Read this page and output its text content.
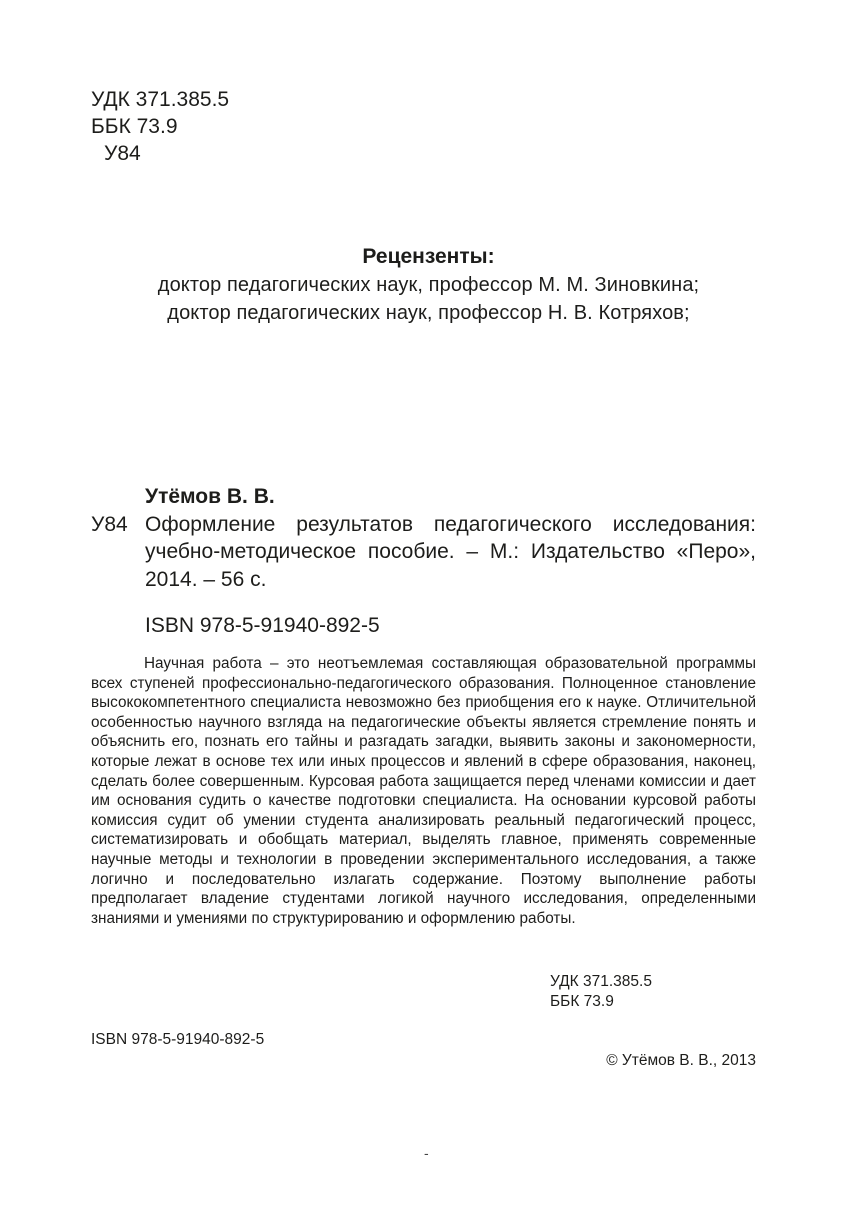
УДК 371.385.5
ББК 73.9
У84
Рецензенты:
доктор педагогических наук, профессор М. М. Зиновкина;
доктор педагогических наук, профессор Н. В. Котряхов;
Утёмов В. В.
У84 Оформление результатов педагогического исследования: учебно-методическое пособие. – М.: Издательство «Перо», 2014. – 56 с.
ISBN 978-5-91940-892-5
Научная работа – это неотъемлемая составляющая образовательной программы всех ступеней профессионально-педагогического образования. Полноценное становление высококомпетентного специалиста невозможно без приобщения его к науке. Отличительной особенностью научного взгляда на педагогические объекты является стремление понять и объяснить его, познать его тайны и разгадать загадки, выявить законы и закономерности, которые лежат в основе тех или иных процессов и явлений в сфере образования, наконец, сделать более совершенным. Курсовая работа защищается перед членами комиссии и дает им основания судить о качестве подготовки специалиста. На основании курсовой работы комиссия судит об умении студента анализировать реальный педагогический процесс, систематизировать и обобщать материал, выделять главное, применять современные научные методы и технологии в проведении экспериментального исследования, а также логично и последовательно излагать содержание. Поэтому выполнение работы предполагает владение студентами логикой научного исследования, определенными знаниями и умениями по структурированию и оформлению работы.
УДК 371.385.5
ББК 73.9
ISBN 978-5-91940-892-5
© Утёмов В. В., 2013
-
